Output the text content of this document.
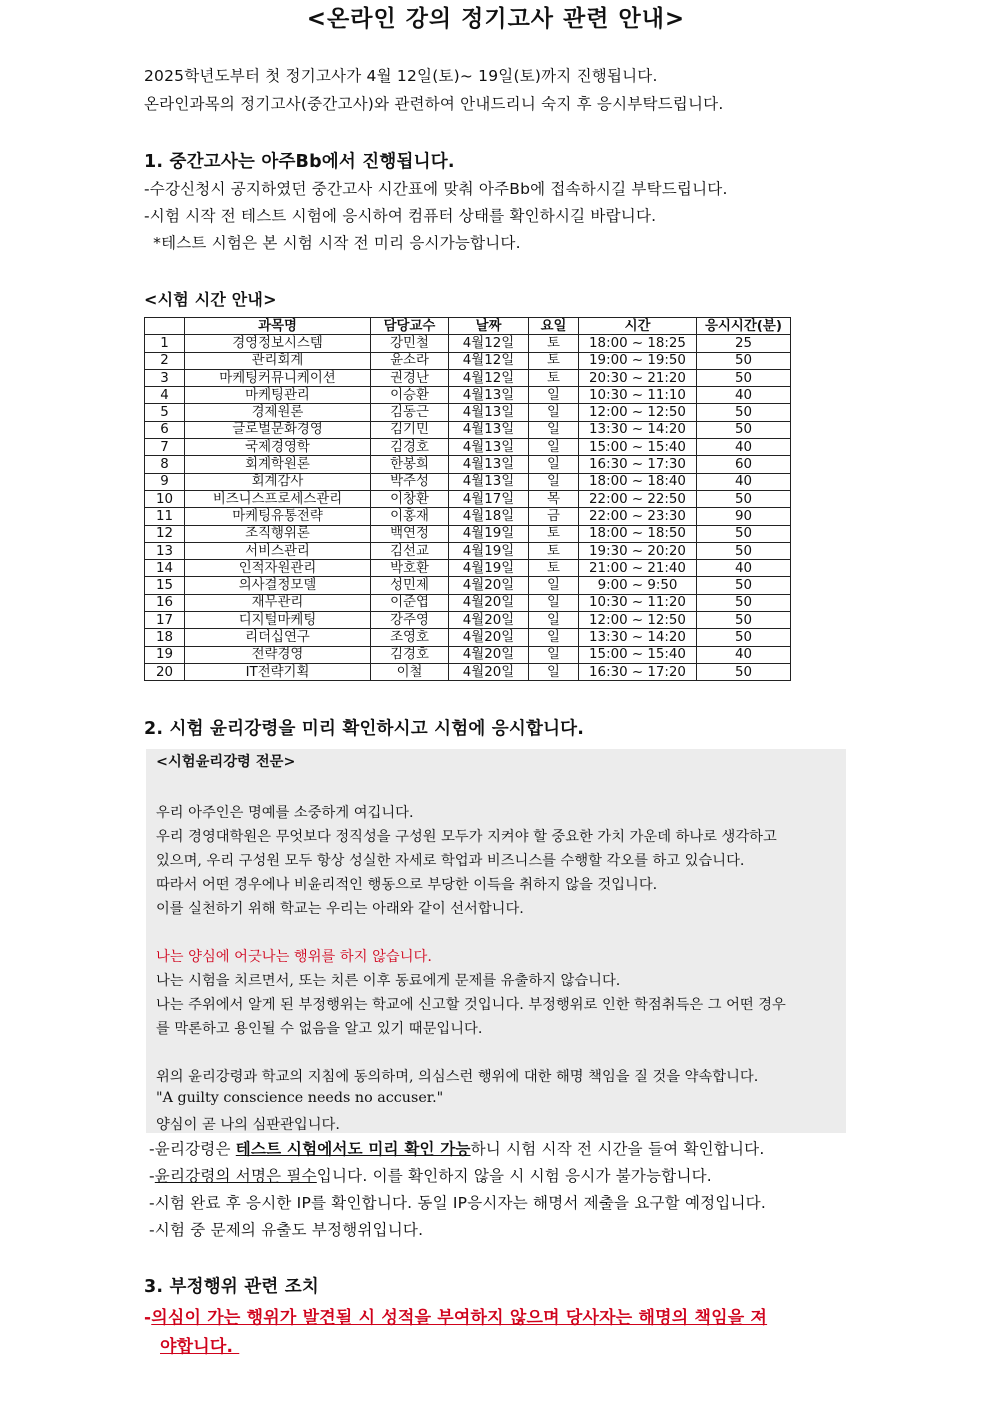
<온라인 강의 정기고사 관련 안내>
2025학년도부터 첫 정기고사가 4월 12일(토)~ 19일(토)까지 진행됩니다.
온라인과목의 정기고사(중간고사)와 관련하여 안내드리니 숙지 후 응시부탁드립니다.
1. 중간고사는 아주Bb에서 진행됩니다.
-수강신청시 공지하였던 중간고사 시간표에 맞춰 아주Bb에 접속하시길 부탁드립니다.
-시험 시작 전 테스트 시험에 응시하여 컴퓨터 상태를 확인하시길 바랍니다.
*테스트 시험은 본 시험 시작 전 미리 응시가능합니다.
<시험 시간 안내>
	과목명	담당교수	날짜	요일	시간	응시시간(분)
1	경영정보시스템	강민철	4월12일	토	18:00 ~ 18:25	25
2	관리회계	윤소라	4월12일	토	19:00 ~ 19:50	50
3	마케팅커뮤니케이션	권경난	4월12일	토	20:30 ~ 21:20	50
4	마케팅관리	이승환	4월13일	일	10:30 ~ 11:10	40
5	경제원론	김동근	4월13일	일	12:00 ~ 12:50	50
6	글로벌문화경영	김기민	4월13일	일	13:30 ~ 14:20	50
7	국제경영학	김경호	4월13일	일	15:00 ~ 15:40	40
8	회계학원론	한봉희	4월13일	일	16:30 ~ 17:30	60
9	회계감사	박주성	4월13일	일	18:00 ~ 18:40	40
10	비즈니스프로세스관리	이창환	4월17일	목	22:00 ~ 22:50	50
11	마케팅유통전략	이홍재	4월18일	금	22:00 ~ 23:30	90
12	조직행위론	백연정	4월19일	토	18:00 ~ 18:50	50
13	서비스관리	김선교	4월19일	토	19:30 ~ 20:20	50
14	인적자원관리	박호환	4월19일	토	21:00 ~ 21:40	40
15	의사결정모델	성민제	4월20일	일	9:00 ~ 9:50	50
16	재무관리	이준엽	4월20일	일	10:30 ~ 11:20	50
17	디지털마케팅	강주영	4월20일	일	12:00 ~ 12:50	50
18	리더십연구	조영호	4월20일	일	13:30 ~ 14:20	50
19	전략경영	김경호	4월20일	일	15:00 ~ 15:40	40
20	IT전략기획	이철	4월20일	일	16:30 ~ 17:20	50
2. 시험 윤리강령을 미리 확인하시고 시험에 응시합니다.
<시험윤리강령 전문>
우리 아주인은 명예를 소중하게 여깁니다.
우리 경영대학원은 무엇보다 정직성을 구성원 모두가 지켜야 할 중요한 가치 가운데 하나로 생각하고
있으며, 우리 구성원 모두 항상 성실한 자세로 학업과 비즈니스를 수행할 각오를 하고 있습니다.
따라서 어떤 경우에나 비윤리적인 행동으로 부당한 이득을 취하지 않을 것입니다.
이를 실천하기 위해 학교는 우리는 아래와 같이 선서합니다.
나는 양심에 어긋나는 행위를 하지 않습니다.
나는 시험을 치르면서, 또는 치른 이후 동료에게 문제를 유출하지 않습니다.
나는 주위에서 알게 된 부정행위는 학교에 신고할 것입니다. 부정행위로 인한 학점취득은 그 어떤 경우
를 막론하고 용인될 수 없음을 알고 있기 때문입니다.
위의 윤리강령과 학교의 지침에 동의하며, 의심스런 행위에 대한 해명 책임을 질 것을 약속합니다.
"A guilty conscience needs no accuser."
양심이 곧 나의 심판관입니다.
-윤리강령은 테스트 시험에서도 미리 확인 가능하니 시험 시작 전 시간을 들여 확인합니다.
-윤리강령의 서명은 필수입니다. 이를 확인하지 않을 시 시험 응시가 불가능합니다.
-시험 완료 후 응시한 IP를 확인합니다. 동일 IP응시자는 해명서 제출을 요구할 예정입니다.
-시험 중 문제의 유출도 부정행위입니다.
3. 부정행위 관련 조치
-의심이 가는 행위가 발견될 시 성적을 부여하지 않으며 당사자는 해명의 책임을 져
야합니다.
